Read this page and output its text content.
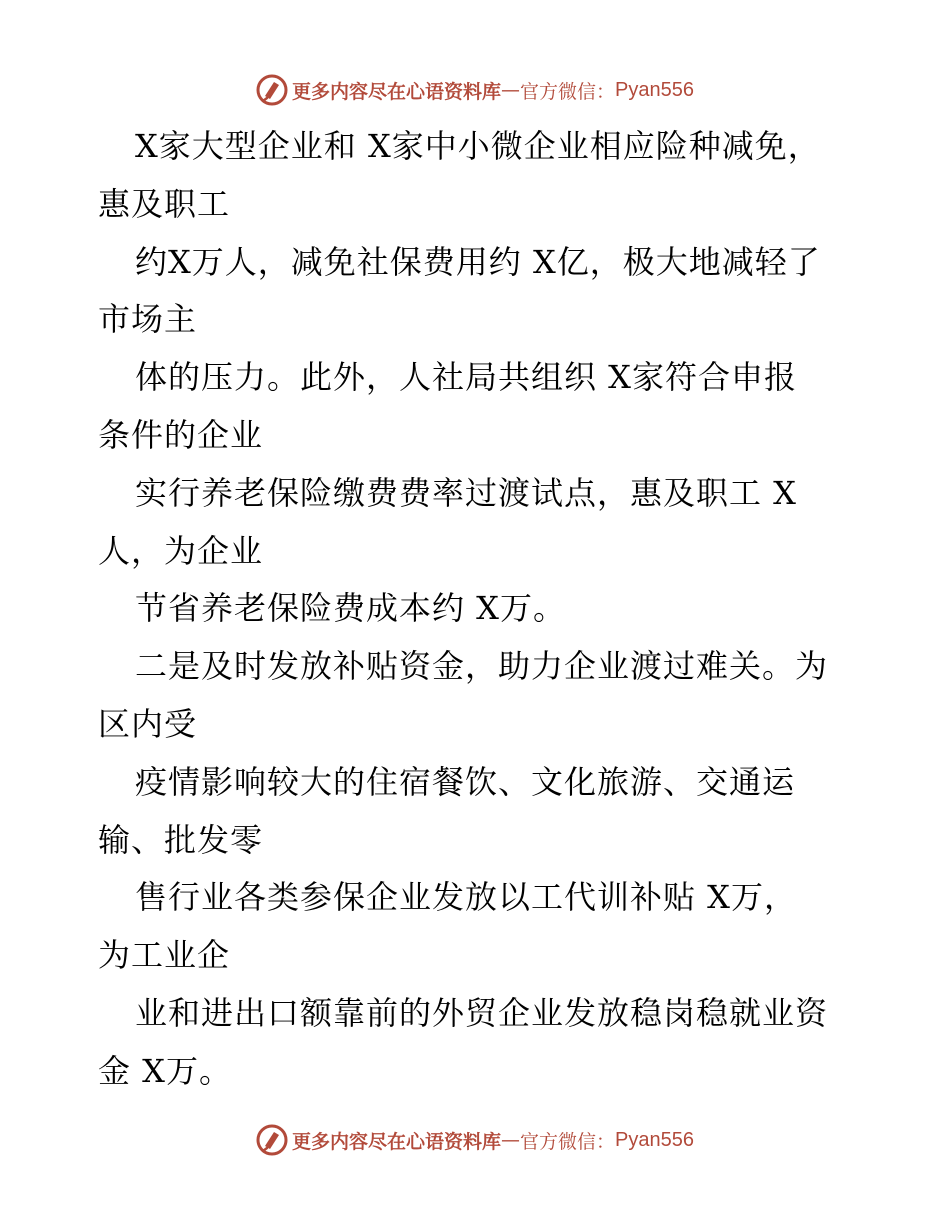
更多内容尽在心语资料库 — 官方微信： Pyan556
X家大型企业和 X家中小微企业相应险种减免，
惠及职工
约X万人，减免社保费用约 X亿，极大地减轻了
市场主
体的压力。此外，人社局共组织 X家符合申报
条件的企业
实行养老保险缴费费率过渡试点，惠及职工 X
人，为企业
节省养老保险费成本约 X万。
二是及时发放补贴资金，助力企业渡过难关。为
区内受
疫情影响较大的住宿餐饮、文化旅游、交通运
输、批发零
售行业各类参保企业发放以工代训补贴 X万，
为工业企
业和进出口额靠前的外贸企业发放稳岗稳就业资
金 X万。
更多内容尽在心语资料库 — 官方微信： Pyan556
